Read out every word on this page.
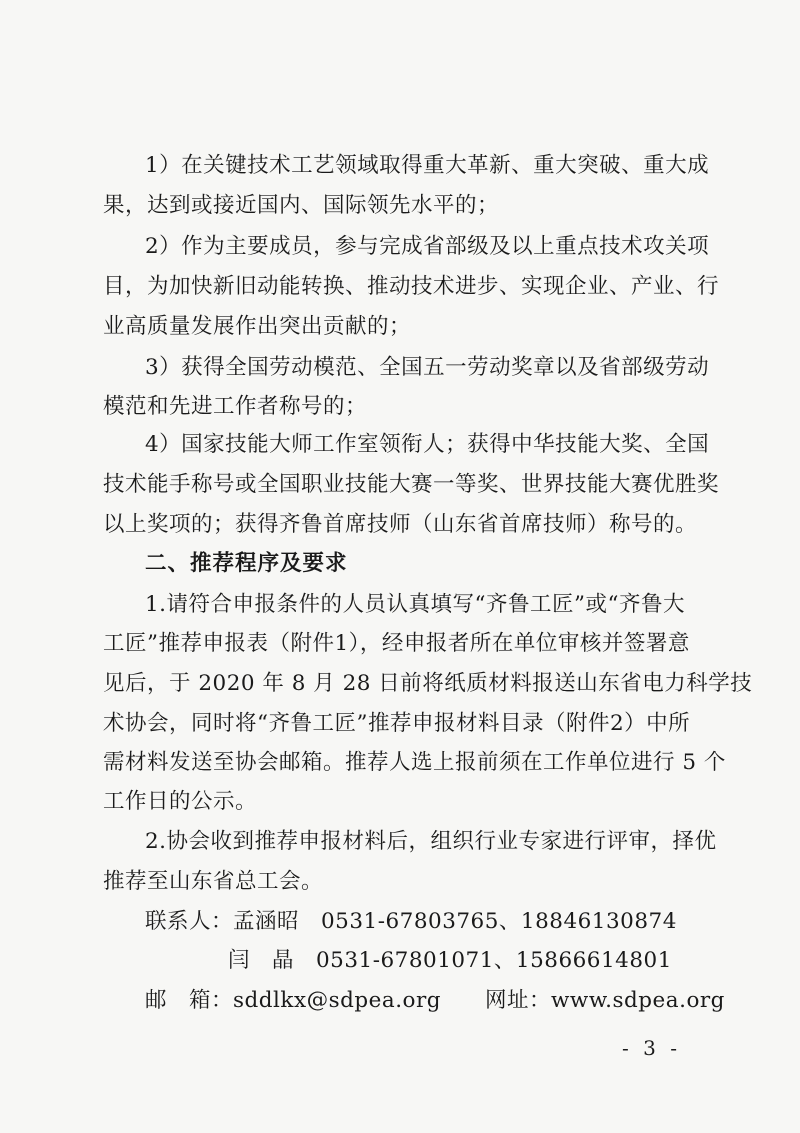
1）在关键技术工艺领域取得重大革新、重大突破、重大成
果，达到或接近国内、国际领先水平的；
2）作为主要成员，参与完成省部级及以上重点技术攻关项
目，为加快新旧动能转换、推动技术进步、实现企业、产业、行
业高质量发展作出突出贡献的；
3）获得全国劳动模范、全国五一劳动奖章以及省部级劳动
模范和先进工作者称号的；
4）国家技能大师工作室领衔人；获得中华技能大奖、全国
技术能手称号或全国职业技能大赛一等奖、世界技能大赛优胜奖
以上奖项的；获得齐鲁首席技师（山东省首席技师）称号的。
二、推荐程序及要求
1.请符合申报条件的人员认真填写“齐鲁工匠”或“齐鲁大
工匠”推荐申报表（附件1），经申报者所在单位审核并签署意
见后，于 2020 年 8 月 28 日前将纸质材料报送山东省电力科学技
术协会，同时将“齐鲁工匠”推荐申报材料目录（附件2）中所
需材料发送至协会邮箱。推荐人选上报前须在工作单位进行 5 个
工作日的公示。
2.协会收到推荐申报材料后，组织行业专家进行评审，择优
推荐至山东省总工会。
联系人：孟涵昭　0531-67803765、18846130874
闫　晶　0531-67801071、15866614801
邮　箱：sddlkx@sdpea.org　　网址：www.sdpea.org
- 3 -
